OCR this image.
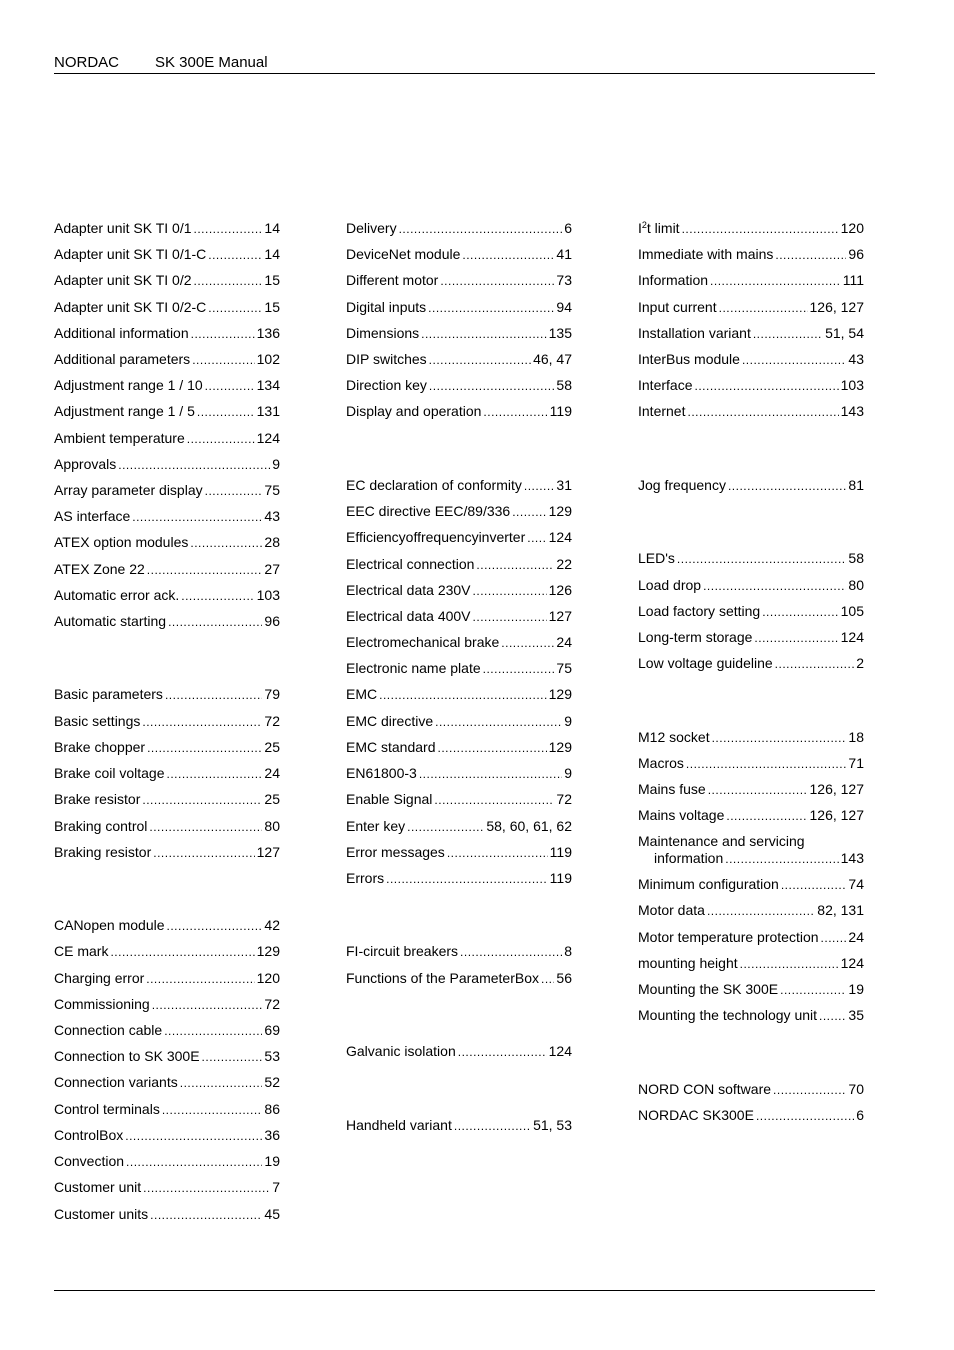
NORDAC SK 300E Manual
Adapter unit SK TI 0/1 .....	14
Adapter unit SK TI 0/1-C .....	14
Adapter unit SK TI 0/2 .....	15
Adapter unit SK TI 0/2-C .....	15
Additional information .....	136
Additional parameters .....	102
Adjustment range 1 / 10 .....	134
Adjustment range 1 / 5 .....	131
Ambient temperature .....	124
Approvals .....	9
Array parameter display .....	75
AS interface .....	43
ATEX option modules .....	28
ATEX Zone 22 .....	27
Automatic error ack. .....	103
Automatic starting .....	96
Basic parameters .....	79
Basic settings .....	72
Brake chopper .....	25
Brake coil voltage .....	24
Brake resistor .....	25
Braking control .....	80
Braking resistor .....	127
CANopen module .....	42
CE mark .....	129
Charging error .....	120
Commissioning .....	72
Connection cable .....	69
Connection to SK 300E .....	53
Connection variants .....	52
Control terminals .....	86
ControlBox .....	36
Convection .....	19
Customer unit .....	7
Customer units .....	45
Delivery .....	6
DeviceNet module .....	41
Different motor .....	73
Digital inputs .....	94
Dimensions .....	135
DIP switches .....	46, 47
Direction key .....	58
Display and operation .....	119
EC declaration of conformity ..... 31
EEC directive EEC/89/336 .....	129
Efficiencyoffrequencyinverter ..... 124
Electrical connection .....	22
Electrical data 230V .....	126
Electrical data 400V .....	127
Electromechanical brake .....	24
Electronic name plate .....	75
EMC .....	129
EMC directive .....	9
EMC standard .....	129
EN61800-3 .....	9
Enable Signal .....	72
Enter key .....	58, 60, 61, 62
Error messages .....	119
Errors .....	119
FI-circuit breakers .....	8
Functions of the ParameterBox ..... 56
Galvanic isolation .....	124
Handheld variant .....	51, 53
$I^2t$ limit .....	120
Immediate with mains .....	96
Information .....	111
Input current .....	126, 127
Installation variant .....	51, 54
InterBus module .....	43
Interface .....	103
Internet .....	143
Jog frequency .....	81
LED's .....	58
Load drop .....	80
Load factory setting .....	105
Long-term storage .....	124
Low voltage guideline .....	2
M12 socket .....	18
Macros .....	71
Mains fuse .....	126, 127
Mains voltage .....	126, 127
Maintenance and servicing
information .....	143
Minimum configuration .....	74
Motor data .....	82, 131
Motor temperature protection ..... 24
mounting height .....	124
Mounting the SK 300E .....	19
Mounting the technology unit ..... 35
NORD CON software .....	70
NORDAC SK300E .....	6
